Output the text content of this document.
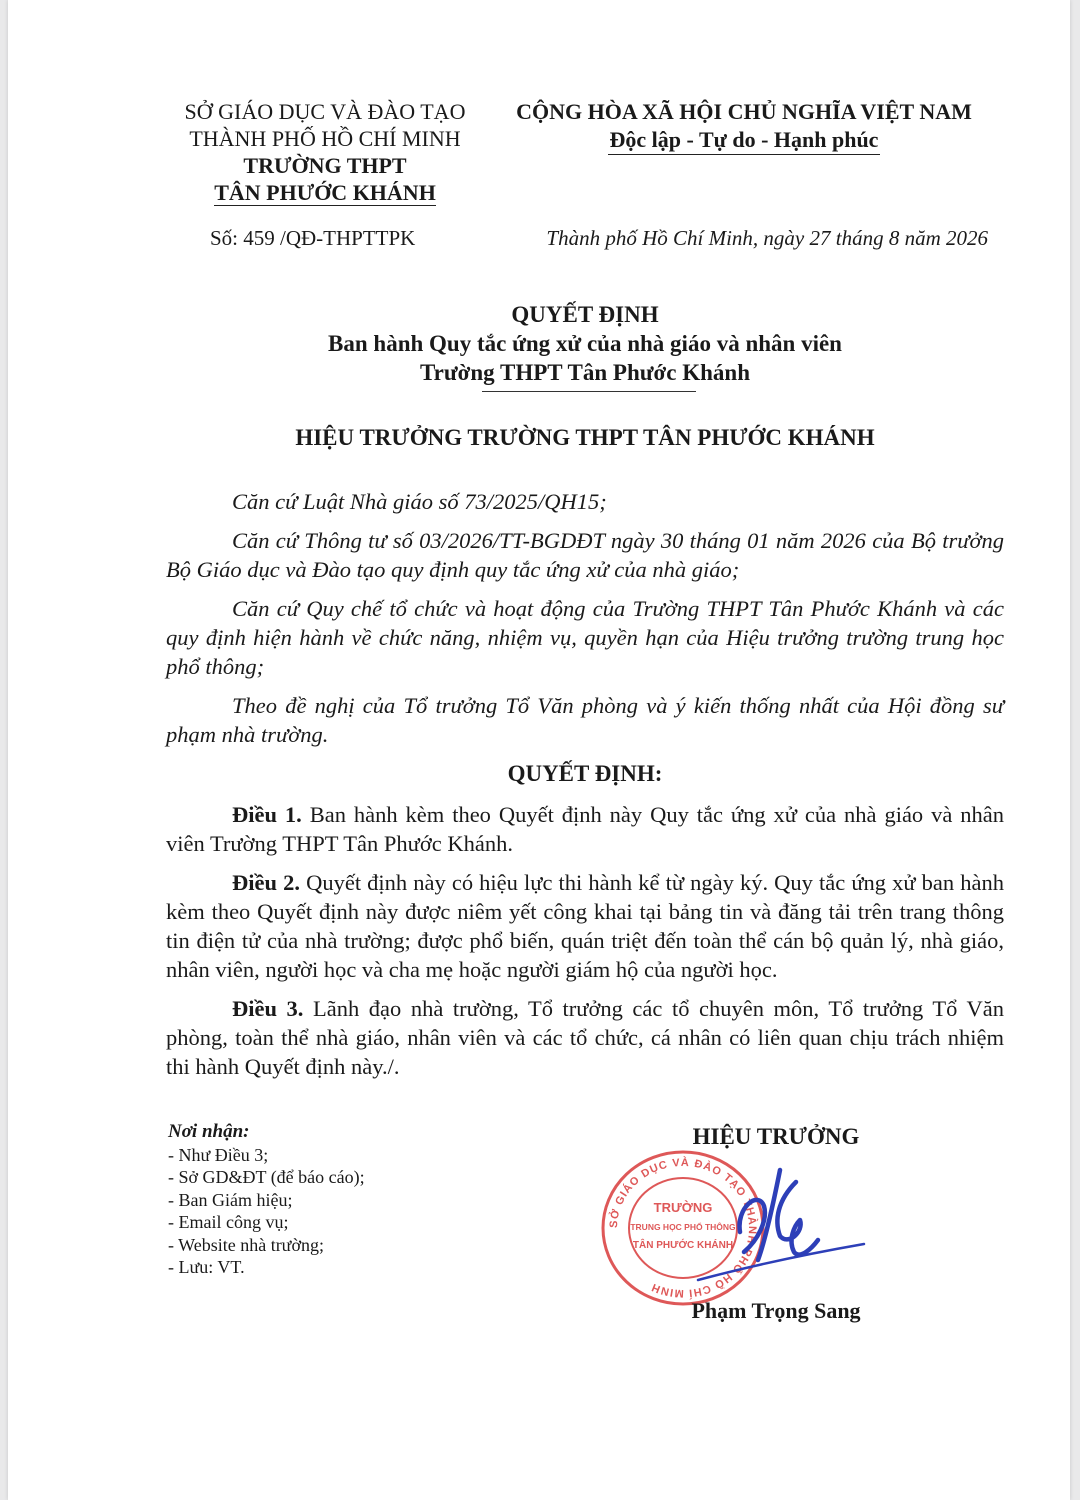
SỞ GIÁO DỤC VÀ ĐÀO TẠO
THÀNH PHỐ HỒ CHÍ MINH
TRƯỜNG THPT
TÂN PHƯỚC KHÁNH
CỘNG HÒA XÃ HỘI CHỦ NGHĨA VIỆT NAM
Độc lập - Tự do - Hạnh phúc
Số: 459 /QĐ-THPTTPK	Thành phố Hồ Chí Minh, ngày 27 tháng 8 năm 2026
QUYẾT ĐỊNH
Ban hành Quy tắc ứng xử của nhà giáo và nhân viên
Trường THPT Tân Phước Khánh
HIỆU TRƯỞNG TRƯỜNG THPT TÂN PHƯỚC KHÁNH

Căn cứ Luật Nhà giáo số 73/2025/QH15;

Căn cứ Thông tư số 03/2026/TT-BGDĐT ngày 30 tháng 01 năm 2026 của Bộ trưởng Bộ Giáo dục và Đào tạo quy định quy tắc ứng xử của nhà giáo;

Căn cứ Quy chế tổ chức và hoạt động của Trường THPT Tân Phước Khánh và các quy định hiện hành về chức năng, nhiệm vụ, quyền hạn của Hiệu trưởng trường trung học phổ thông;

Theo đề nghị của Tổ trưởng Tổ Văn phòng và ý kiến thống nhất của Hội đồng sư phạm nhà trường.

QUYẾT ĐỊNH:

Điều 1. Ban hành kèm theo Quyết định này Quy tắc ứng xử của nhà giáo và nhân viên Trường THPT Tân Phước Khánh.

Điều 2. Quyết định này có hiệu lực thi hành kể từ ngày ký. Quy tắc ứng xử ban hành kèm theo Quyết định này được niêm yết công khai tại bảng tin và đăng tải trên trang thông tin điện tử của nhà trường; được phổ biến, quán triệt đến toàn thể cán bộ quản lý, nhà giáo, nhân viên, người học và cha mẹ hoặc người giám hộ của người học.

Điều 3. Lãnh đạo nhà trường, Tổ trưởng các tổ chuyên môn, Tổ trưởng Tổ Văn phòng, toàn thể nhà giáo, nhân viên và các tổ chức, cá nhân có liên quan chịu trách nhiệm thi hành Quyết định này./.

Nơi nhận:
- Như Điều 3;
- Sở GD&ĐT (để báo cáo);
- Ban Giám hiệu;
- Email công vụ;
- Website nhà trường;
- Lưu: VT.
HIỆU TRƯỞNG
SỞ GIÁO DỤC VÀ ĐÀO TẠO THÀNH PHỐ HỒ CHÍ MINH
TRƯỜNG
TRUNG HỌC PHỔ THÔNG
TÂN PHƯỚC KHÁNH
Phạm Trọng Sang
